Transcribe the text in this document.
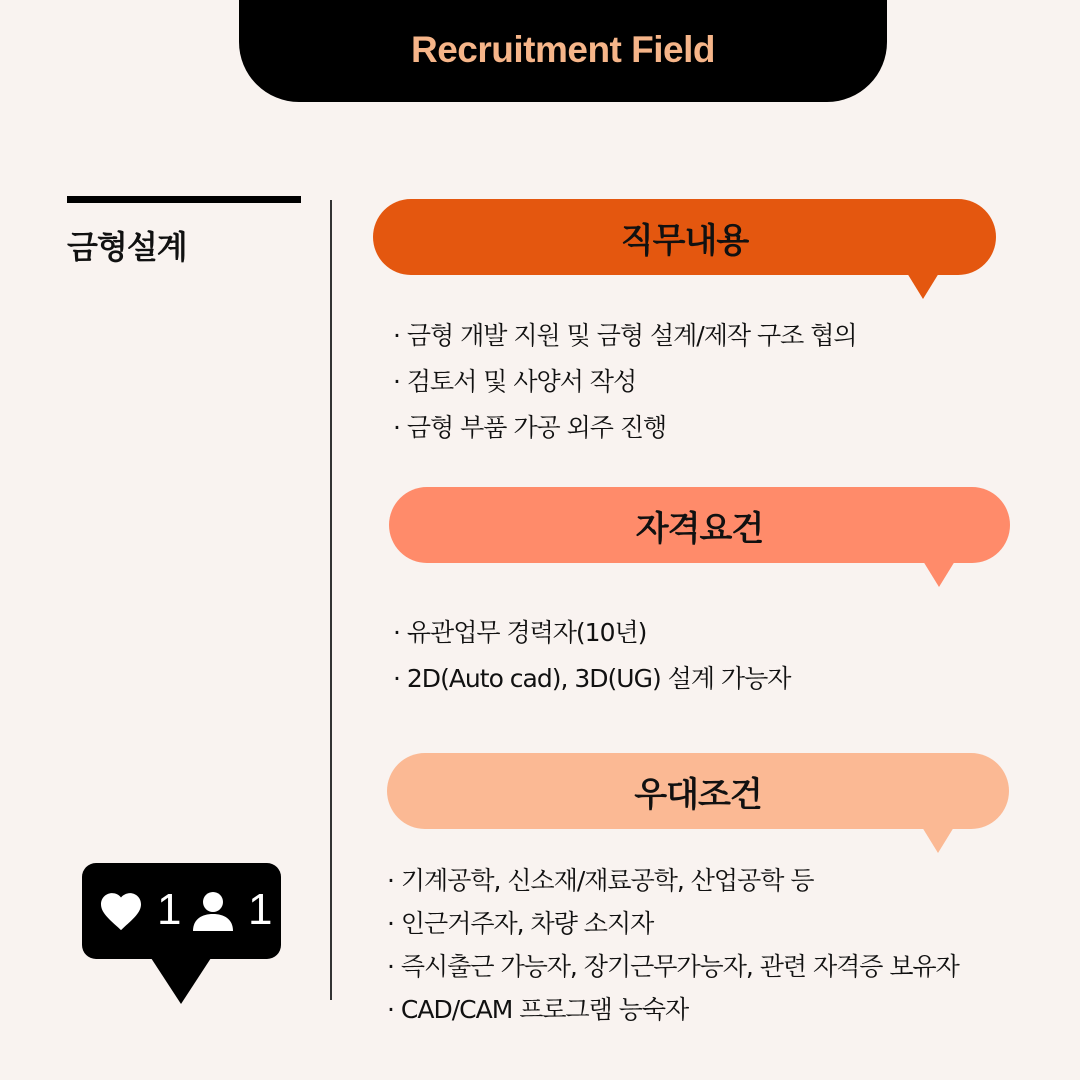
Recruitment Field
금형설계	직무내용
· 금형 개발 지원 및 금형 설계/제작 구조 협의
· 검토서 및 사양서 작성
· 금형 부품 가공 외주 진행
자격요건
· 유관업무 경력자(10년)
· 2D(Auto cad), 3D(UG) 설계 가능자
우대조건
· 기계공학, 신소재/재료공학, 산업공학 등
· 인근거주자, 차량 소지자
· 즉시출근 가능자, 장기근무가능자, 관련 자격증 보유자
· CAD/CAM 프로그램 능숙자
1 1
